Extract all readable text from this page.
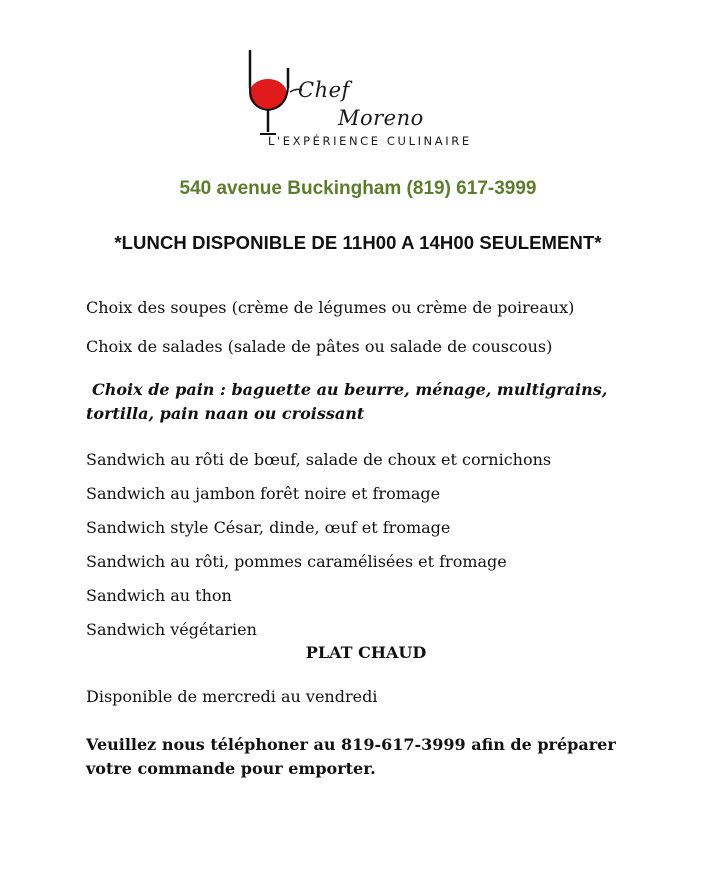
Chef
Moreno
L'EXPÉRIENCE CULINAIRE
540 avenue Buckingham (819) 617-3999
*LUNCH DISPONIBLE DE 11H00 A 14H00 SEULEMENT*
Choix des soupes (crème de légumes ou crème de poireaux)
Choix de salades (salade de pâtes ou salade de couscous)
Choix de pain : baguette au beurre, ménage, multigrains,
tortilla, pain naan ou croissant
Sandwich au rôti de bœuf, salade de choux et cornichons
Sandwich au jambon forêt noire et fromage
Sandwich style César, dinde, œuf et fromage
Sandwich au rôti, pommes caramélisées et fromage
Sandwich au thon
Sandwich végétarien
PLAT CHAUD
Disponible de mercredi au vendredi
Veuillez nous téléphoner au 819-617-3999 afin de préparer
votre commande pour emporter.
